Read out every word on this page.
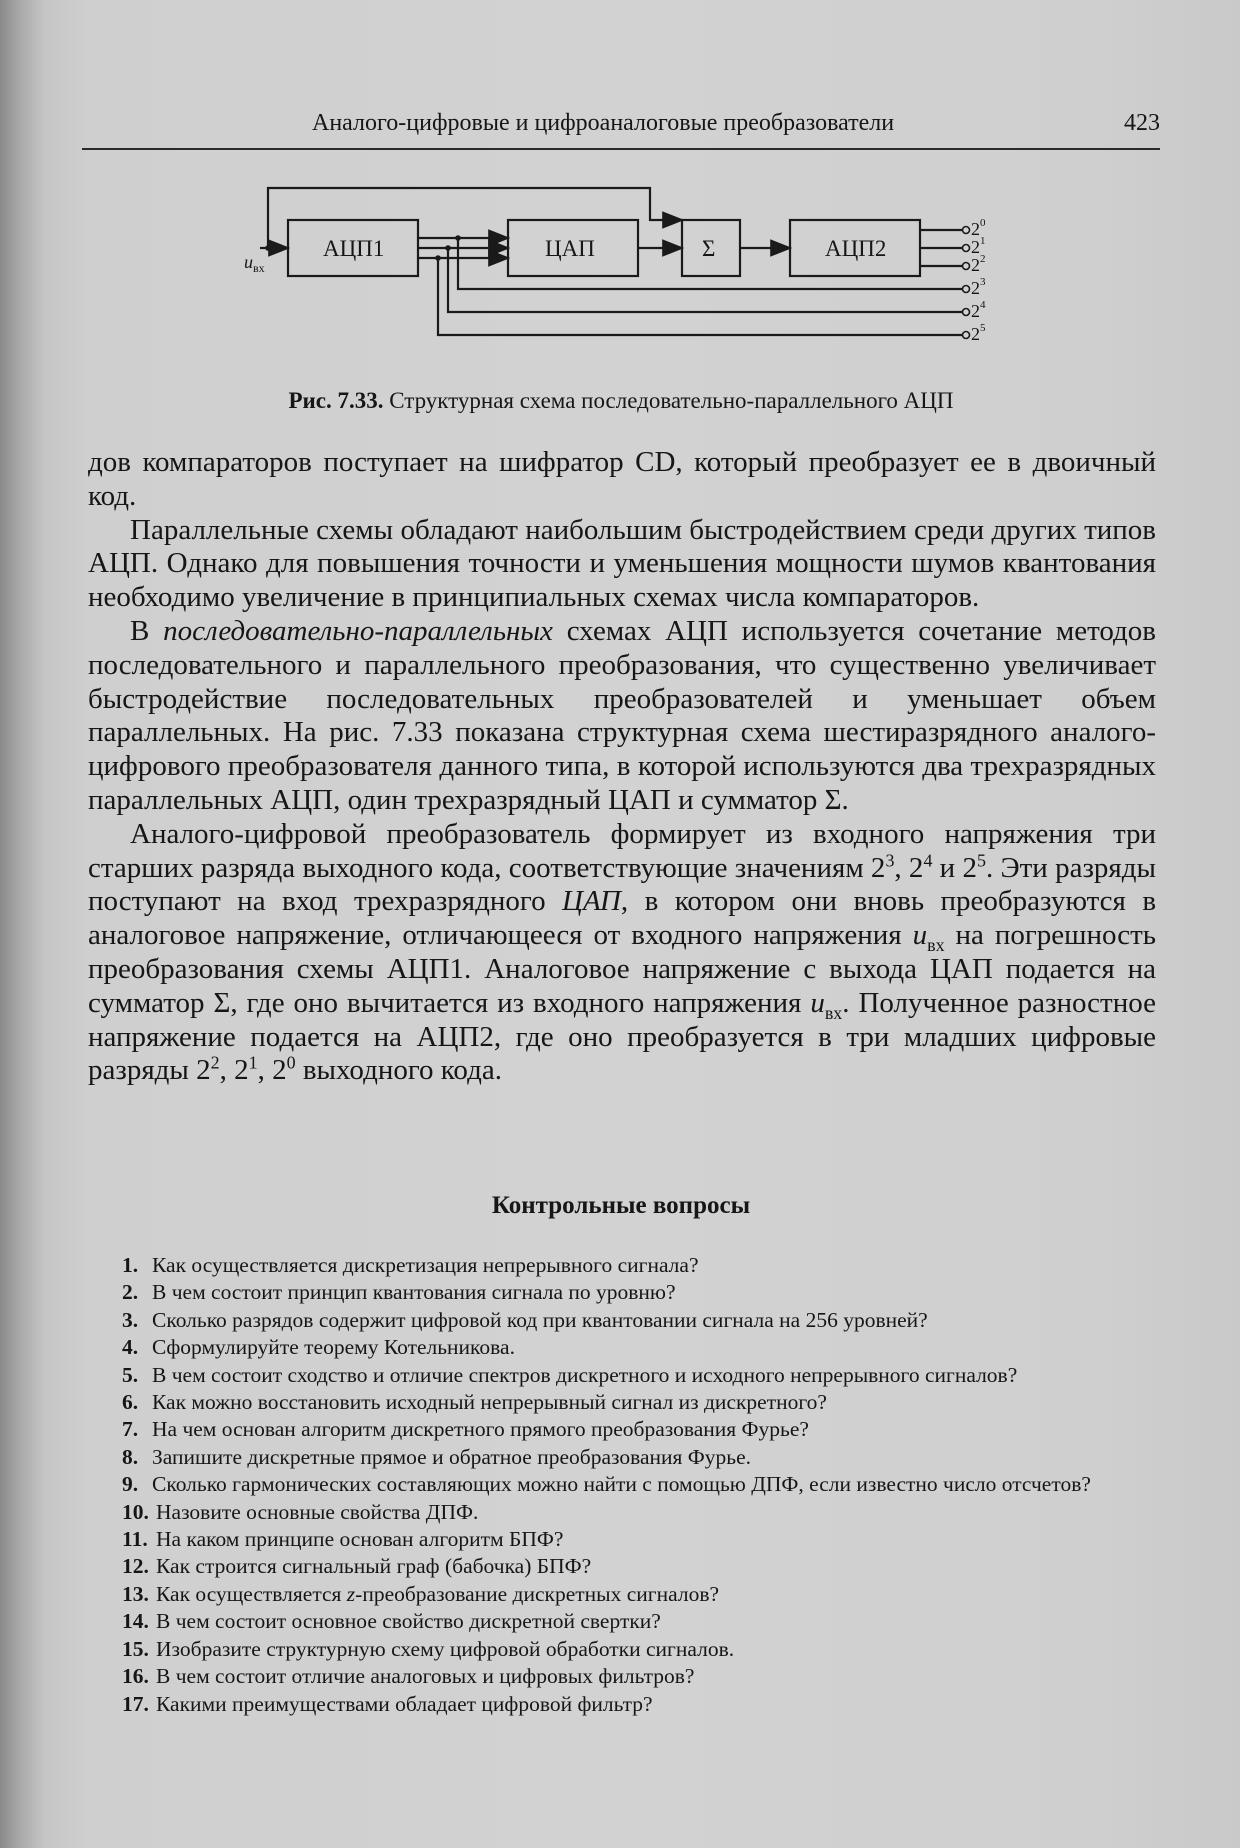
Аналого-цифровые и цифроаналоговые преобразователи	423
АЦП1	ЦАП	Σ	АЦП2
$u_{вх}$
$2^0$
$2^1$
$2^2$
$2^3$
$2^4$
$2^5$
Рис. 7.33. Структурная схема последовательно-параллельного АЦП

дов компараторов поступает на шифратор CD, который преобразует ее в двоичный код.

Параллельные схемы обладают наибольшим быстродействием среди других типов АЦП. Однако для повышения точности и уменьшения мощности шумов квантования необходимо увеличение в принципиальных схемах числа компараторов.

В последовательно-параллельных схемах АЦП используется сочетание методов последовательного и параллельного преобразования, что существенно увеличивает быстродействие последовательных преобразователей и уменьшает объем параллельных. На рис. 7.33 показана структурная схема шестиразрядного аналого-цифрового преобразователя данного типа, в которой используются два трехразрядных параллельных АЦП, один трехразрядный ЦАП и сумматор Σ.

Аналого-цифровой преобразователь формирует из входного напряжения три старших разряда выходного кода, соответствующие значениям $2^3$, $2^4$ и $2^5$. Эти разряды поступают на вход трехразрядного ЦАП, в котором они вновь преобразуются в аналоговое напряжение, отличающееся от входного напряжения $u_{вх}$ на погрешность преобразования схемы АЦП1. Аналоговое напряжение с выхода ЦАП подается на сумматор Σ, где оно вычитается из входного напряжения $u_{вх}$. Полученное разностное напряжение подается на АЦП2, где оно преобразуется в три младших цифровые разряды $2^2$, $2^1$, $2^0$ выходного кода.

Контрольные вопросы
1. Как осуществляется дискретизация непрерывного сигнала?
2. В чем состоит принцип квантования сигнала по уровню?
3. Сколько разрядов содержит цифровой код при квантовании сигнала на 256 уровней?
4. Сформулируйте теорему Котельникова.
5. В чем состоит сходство и отличие спектров дискретного и исходного непрерывного сигналов?
6. Как можно восстановить исходный непрерывный сигнал из дискретного?
7. На чем основан алгоритм дискретного прямого преобразования Фурье?
8. Запишите дискретные прямое и обратное преобразования Фурье.
9. Сколько гармонических составляющих можно найти с помощью ДПФ, если известно число отсчетов?
10. Назовите основные свойства ДПФ.
11. На каком принципе основан алгоритм БПФ?
12. Как строится сигнальный граф (бабочка) БПФ?
13. Как осуществляется z-преобразование дискретных сигналов?
14. В чем состоит основное свойство дискретной свертки?
15. Изобразите структурную схему цифровой обработки сигналов.
16. В чем состоит отличие аналоговых и цифровых фильтров?
17. Какими преимуществами обладает цифровой фильтр?
